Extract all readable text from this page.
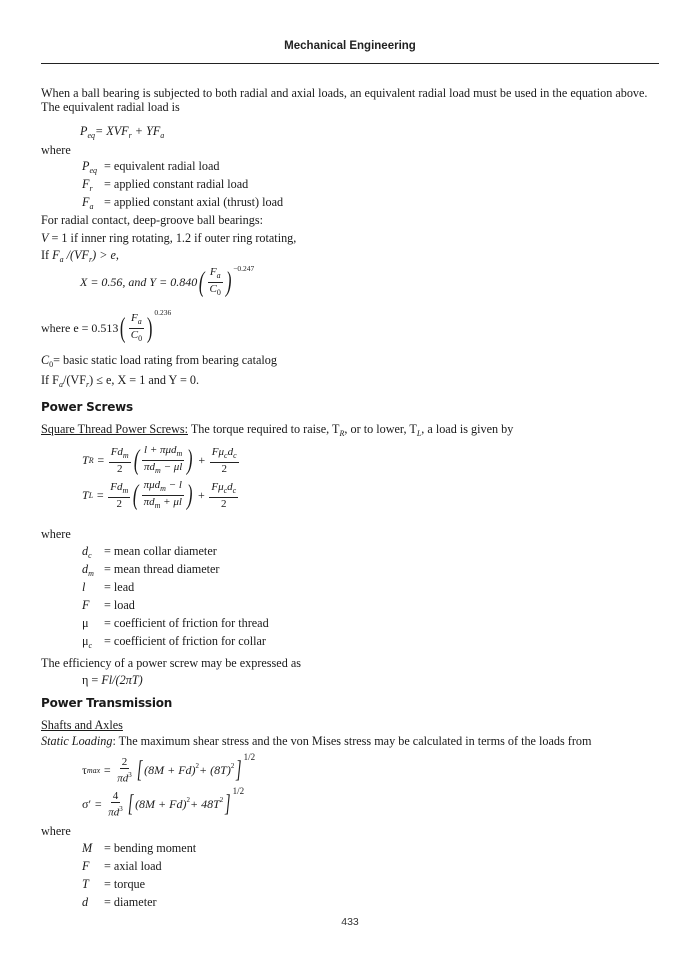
Mechanical Engineering
When a ball bearing is subjected to both radial and axial loads, an equivalent radial load must be used in the equation above.
The equivalent radial load is
$P_{eq}= XVF_r + YF_a$
where
$P_{eq}$ = equivalent radial load
$F_r$ = applied constant radial load
$F_a$ = applied constant axial (thrust) load
For radial contact, deep-groove ball bearings:
V = 1 if inner ring rotating, 1.2 if outer ring rotating,
If $F_a$ $/(VF_r) > e$,
X = 0.56, and Y = 0.840 ( $\frac{F_a}{C_0} )^{-0.247}$
where e = 0.513 ( $\frac{F_a}{C_0} )^{0.236}$
$C_0=$ basic static load rating from bearing catalog
If $F_a/(VF_r) \le e$, X = 1 and Y = 0.
Power Screws
Square Thread Power Screws: The torque required to raise, $T_R$, or to lower, $T_L$, a load is given by
T $R = \frac{Fd_m}{2}$ ( $\frac{l + \pi\mu d_m}{\pi d_m - \mu l}$ ) + $\frac{F\mu_cd_c}{2}$
T $L = \frac{Fd_m}{2}$ ( $\frac{\pi\mu d_m - l}{\pi d_m + \mu l}$ ) + $\frac{F\mu_cd_c}{2}$
where
$d_c$ = mean collar diameter
$d_m$ = mean thread diameter
l = lead
F = load
μ = coefficient of friction for thread
$\mu_c$ = coefficient of friction for collar
The efficiency of a power screw may be expressed as
η = Fl/(2πT)
Power Transmission
Shafts and Axles
Static Loading: The maximum shear stress and the von Mises stress may be calculated in terms of the loads from
τ $\max = \frac{2}{\pi d^3}$ [ $(8M + Fd)^2 + (8T)^2$ ]
$^{1/2}$
$\sigma' = \frac{4}{\pi d^3}$ [ $(8M + Fd)^2 + 48T^2$ ]
$^{1/2}$
where
M = bending moment
F = axial load
T = torque
d = diameter
433
